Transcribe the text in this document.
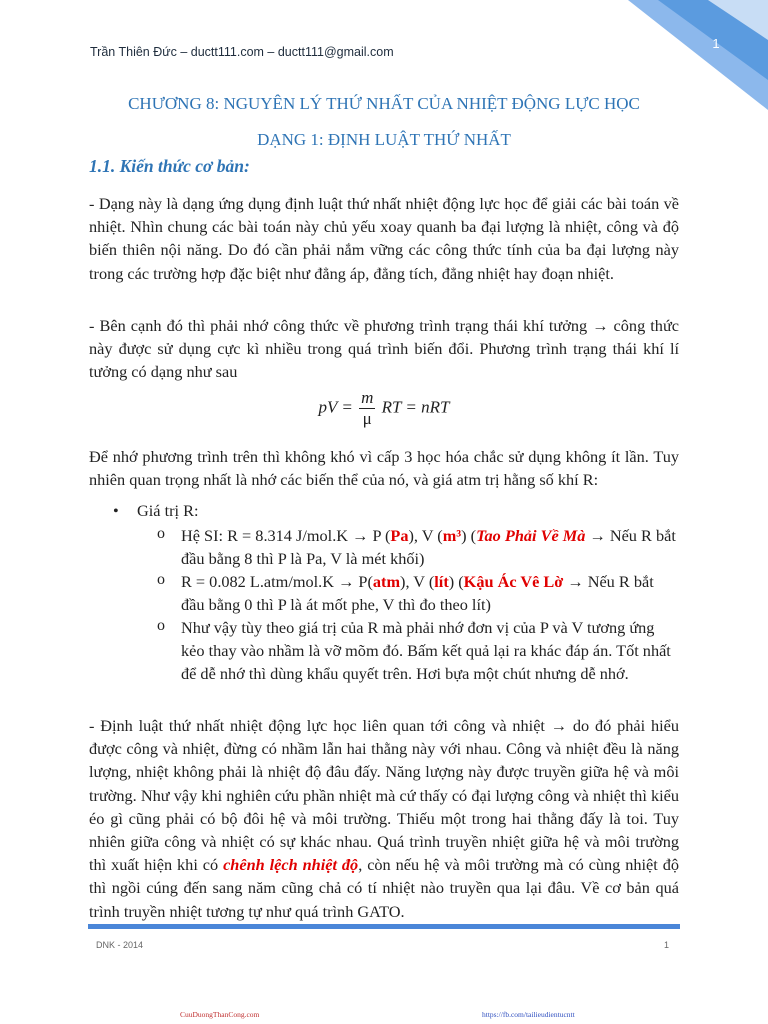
1
Trần Thiên Đức – ductt111.com – ductt111@gmail.com
CHƯƠNG 8: NGUYÊN LÝ THỨ NHẤT CỦA NHIỆT ĐỘNG LỰC HỌC
DẠNG 1: ĐỊNH LUẬT THỨ NHẤT
1.1. Kiến thức cơ bản:

- Dạng này là dạng ứng dụng định luật thứ nhất nhiệt động lực học để giải các bài toán về nhiệt. Nhìn chung các bài toán này chủ yếu xoay quanh ba đại lượng là nhiệt, công và độ biến thiên nội năng. Do đó cần phải nắm vững các công thức tính của ba đại lượng này trong các trường hợp đặc biệt như đẳng áp, đẳng tích, đẳng nhiệt hay đoạn nhiệt.

- Bên cạnh đó thì phải nhớ công thức về phương trình trạng thái khí tưởng → công thức này được sử dụng cực kì nhiều trong quá trình biến đổi. Phương trình trạng thái khí lí tưởng có dạng như sau

pV = $\frac{m}{\mu}$ RT = nRT

Để nhớ phương trình trên thì không khó vì cấp 3 học hóa chắc sử dụng không ít lần. Tuy nhiên quan trọng nhất là nhớ các biến thể của nó, và giá atm trị hằng số khí R:

• Giá trị R:
o Hệ SI: R = 8.314 J/mol.K → P (Pa), V (m³) (Tao Phải Về Mà → Nếu R bắt đầu bằng 8 thì P là Pa, V là mét khối)

o R = 0.082 L.atm/mol.K → P(atm), V (lít) (Kậu Ác Vê Lờ → Nếu R bắt đầu bằng 0 thì P là át mốt phe, V thì đo theo lít)

o Như vậy tùy theo giá trị của R mà phải nhớ đơn vị của P và V tương ứng kẻo thay vào nhầm là vỡ mõm đó. Bấm kết quả lại ra khác đáp án. Tốt nhất để dễ nhớ thì dùng khẩu quyết trên. Hơi bựa một chút nhưng dễ nhớ.

- Định luật thứ nhất nhiệt động lực học liên quan tới công và nhiệt → do đó phải hiểu được công và nhiệt, đừng có nhầm lẫn hai thằng này với nhau. Công và nhiệt đều là năng lượng, nhiệt không phải là nhiệt độ đâu đấy. Năng lượng này được truyền giữa hệ và môi trường. Như vậy khi nghiên cứu phần nhiệt mà cứ thấy có đại lượng công và nhiệt thì kiểu éo gì cũng phải có bộ đôi hệ và môi trường. Thiếu một trong hai thằng đấy là toi. Tuy nhiên giữa công và nhiệt có sự khác nhau. Quá trình truyền nhiệt giữa hệ và môi trường thì xuất hiện khi có chênh lệch nhiệt độ, còn nếu hệ và môi trường mà có cùng nhiệt độ thì ngồi cúng đến sang năm cũng chả có tí nhiệt nào truyền qua lại đâu. Về cơ bản quá trình truyền nhiệt tương tự như quá trình GATO.

DNK - 2014	1
CuuDuongThanCong.com	https://fb.com/tailieudientucntt
